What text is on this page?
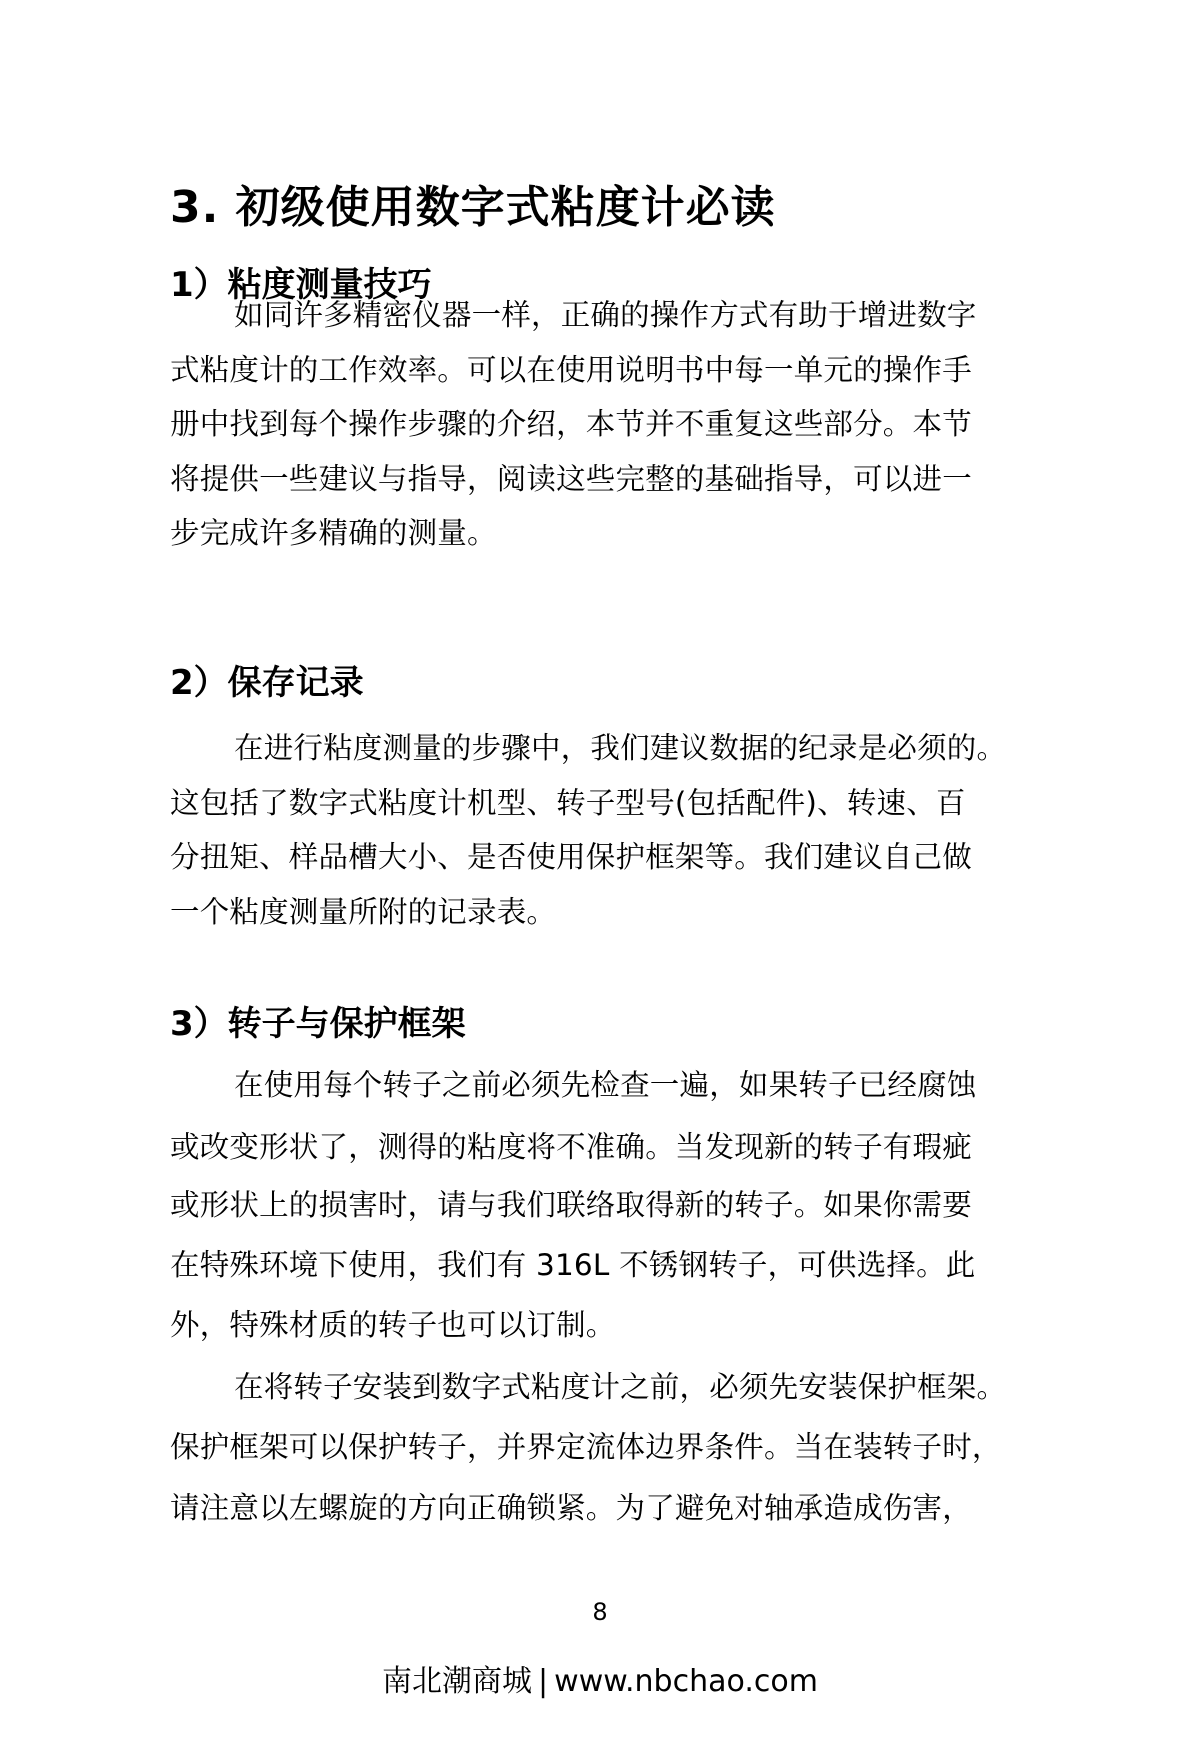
3. 初级使用数字式粘度计必读
1）粘度测量技巧
如同许多精密仪器一样，正确的操作方式有助于增进数字
式粘度计的工作效率。可以在使用说明书中每一单元的操作手
册中找到每个操作步骤的介绍，本节并不重复这些部分。本节
将提供一些建议与指导，阅读这些完整的基础指导，可以进一
步完成许多精确的测量。
2）保存记录
在进行粘度测量的步骤中，我们建议数据的纪录是必须的。
这包括了数字式粘度计机型、转子型号(包括配件)、转速、百
分扭矩、样品槽大小、是否使用保护框架等。我们建议自己做
一个粘度测量所附的记录表。
3）转子与保护框架
在使用每个转子之前必须先检查一遍，如果转子已经腐蚀
或改变形状了，测得的粘度将不准确。当发现新的转子有瑕疵
或形状上的损害时，请与我们联络取得新的转子。如果你需要
在特殊环境下使用，我们有 316L 不锈钢转子，可供选择。此
外，特殊材质的转子也可以订制。
在将转子安装到数字式粘度计之前，必须先安装保护框架。
保护框架可以保护转子，并界定流体边界条件。当在装转子时，
请注意以左螺旋的方向正确锁紧。为了避免对轴承造成伤害，
8
南北潮商城 | www.nbchao.com
